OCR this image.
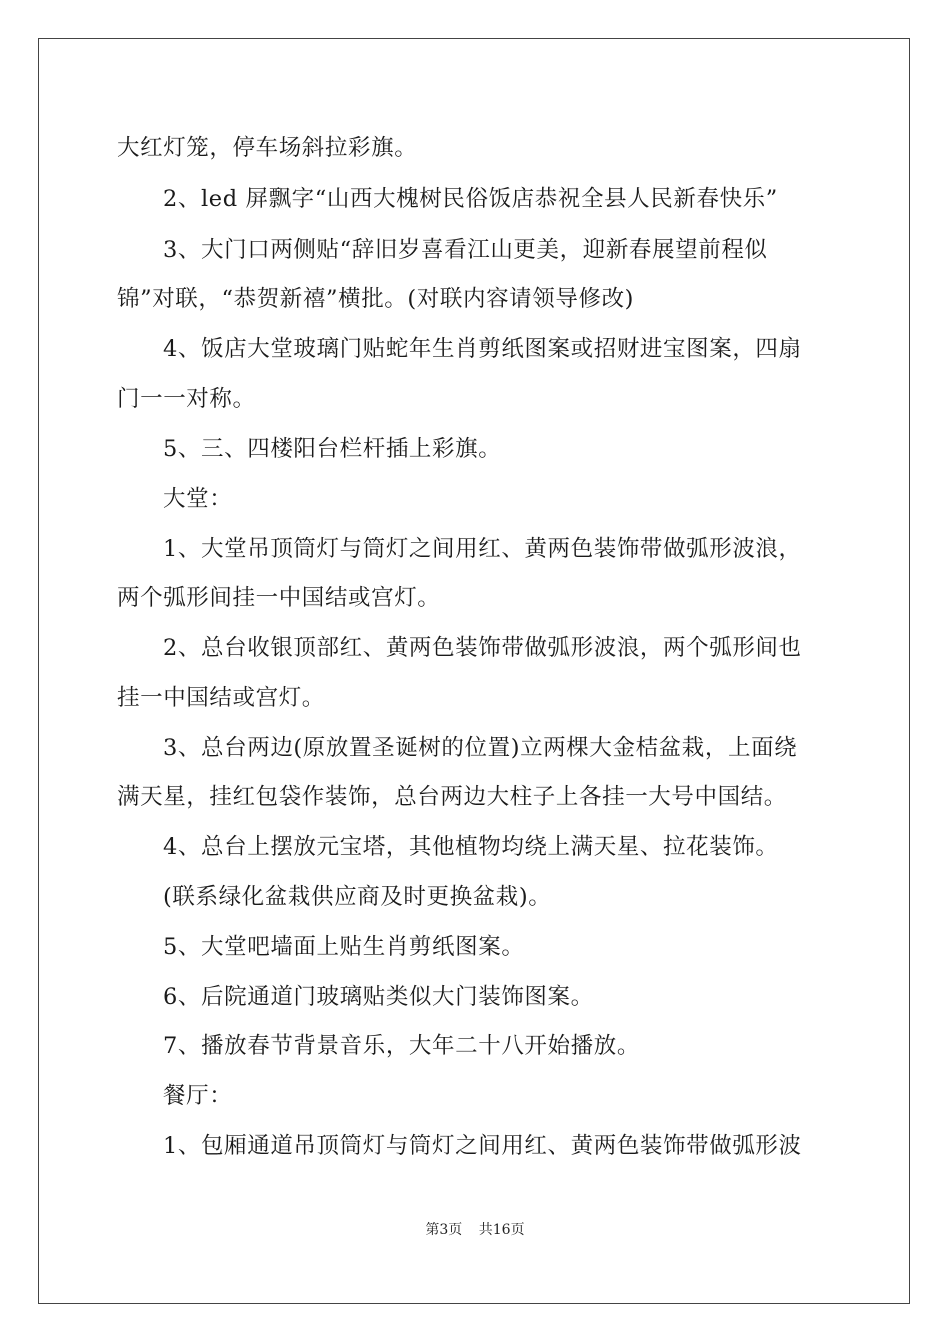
大红灯笼，停车场斜拉彩旗。
2、led 屏飘字“山西大槐树民俗饭店恭祝全县人民新春快乐”
3、大门口两侧贴“辞旧岁喜看江山更美，迎新春展望前程似
锦”对联，“恭贺新禧”横批。(对联内容请领导修改)
4、饭店大堂玻璃门贴蛇年生肖剪纸图案或招财进宝图案，四扇
门一一对称。
5、三、四楼阳台栏杆插上彩旗。
大堂：
1、大堂吊顶筒灯与筒灯之间用红、黄两色装饰带做弧形波浪，
两个弧形间挂一中国结或宫灯。
2、总台收银顶部红、黄两色装饰带做弧形波浪，两个弧形间也
挂一中国结或宫灯。
3、总台两边(原放置圣诞树的位置)立两棵大金桔盆栽，上面绕
满天星，挂红包袋作装饰，总台两边大柱子上各挂一大号中国结。
4、总台上摆放元宝塔，其他植物均绕上满天星、拉花装饰。
(联系绿化盆栽供应商及时更换盆栽)。
5、大堂吧墙面上贴生肖剪纸图案。
6、后院通道门玻璃贴类似大门装饰图案。
7、播放春节背景音乐，大年二十八开始播放。
餐厅：
1、包厢通道吊顶筒灯与筒灯之间用红、黄两色装饰带做弧形波
第3页 共16页
